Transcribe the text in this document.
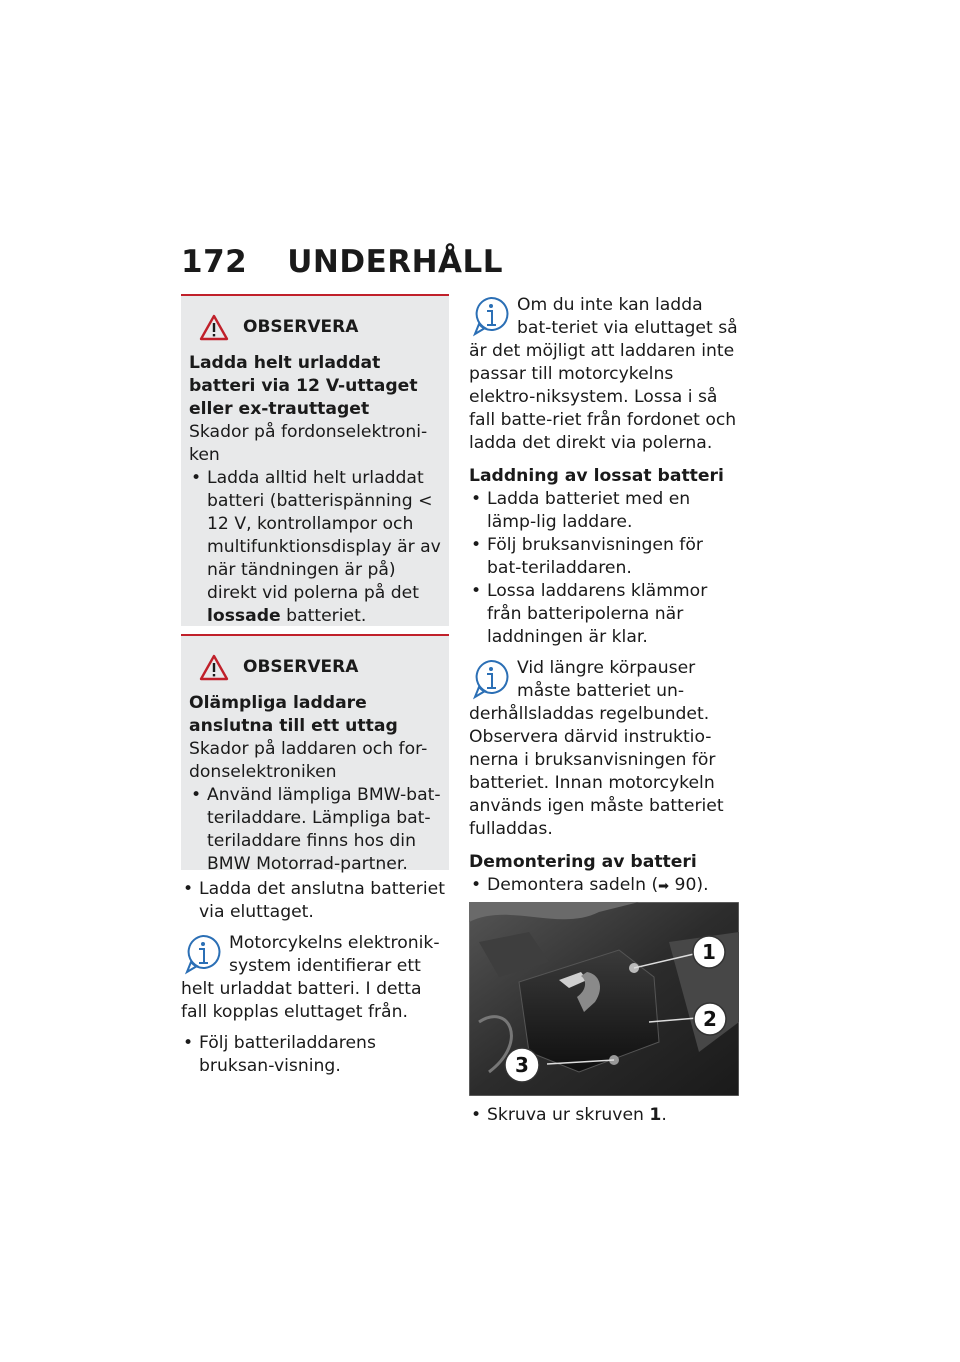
172 UNDERHÅLL
OBSERVERA

Ladda helt urladdat batteri via 12 V-uttaget eller ex-trauttaget

Skador på fordonselektroni-ken

• Ladda alltid helt urladdat batteri (batterispänning < 12 V, kontrollampor och multifunktionsdisplay är av när tändningen är på) direkt vid polerna på det lossade batteriet.
OBSERVERA

Olämpliga laddare anslutna till ett uttag

Skador på laddaren och for-donselektroniken

• Använd lämpliga BMW-bat-teriladdare. Lämpliga bat-teriladdare finns hos din BMW Motorrad-partner.
• Ladda det anslutna batteriet via eluttaget.

Motorcykelns elektronik-system identifierar ett helt urladdat batteri. I detta fall kopplas eluttaget från.

• Följ batteriladdarens bruksan-visning.

Om du inte kan ladda bat-teriet via eluttaget så är det möjligt att laddaren inte passar till motorcykelns elektro-niksystem. Lossa i så fall batte-riet från fordonet och ladda det direkt via polerna.

Laddning av lossat batteri

• Ladda batteriet med en lämp-lig laddare.
• Följ bruksanvisningen för bat-teriladdaren.
• Lossa laddarens klämmor från batteripolerna när laddningen är klar.

Vid längre körpauser måste batteriet un-derhållsladdas regelbundet. Observera därvid instruktio-nerna i bruksanvisningen för batteriet. Innan motorcykeln används igen måste batteriet fulladdas.

Demontering av batteri

• Demontera sadeln (➡ 90).
1
2
3
• Skruva ur skruven 1.
